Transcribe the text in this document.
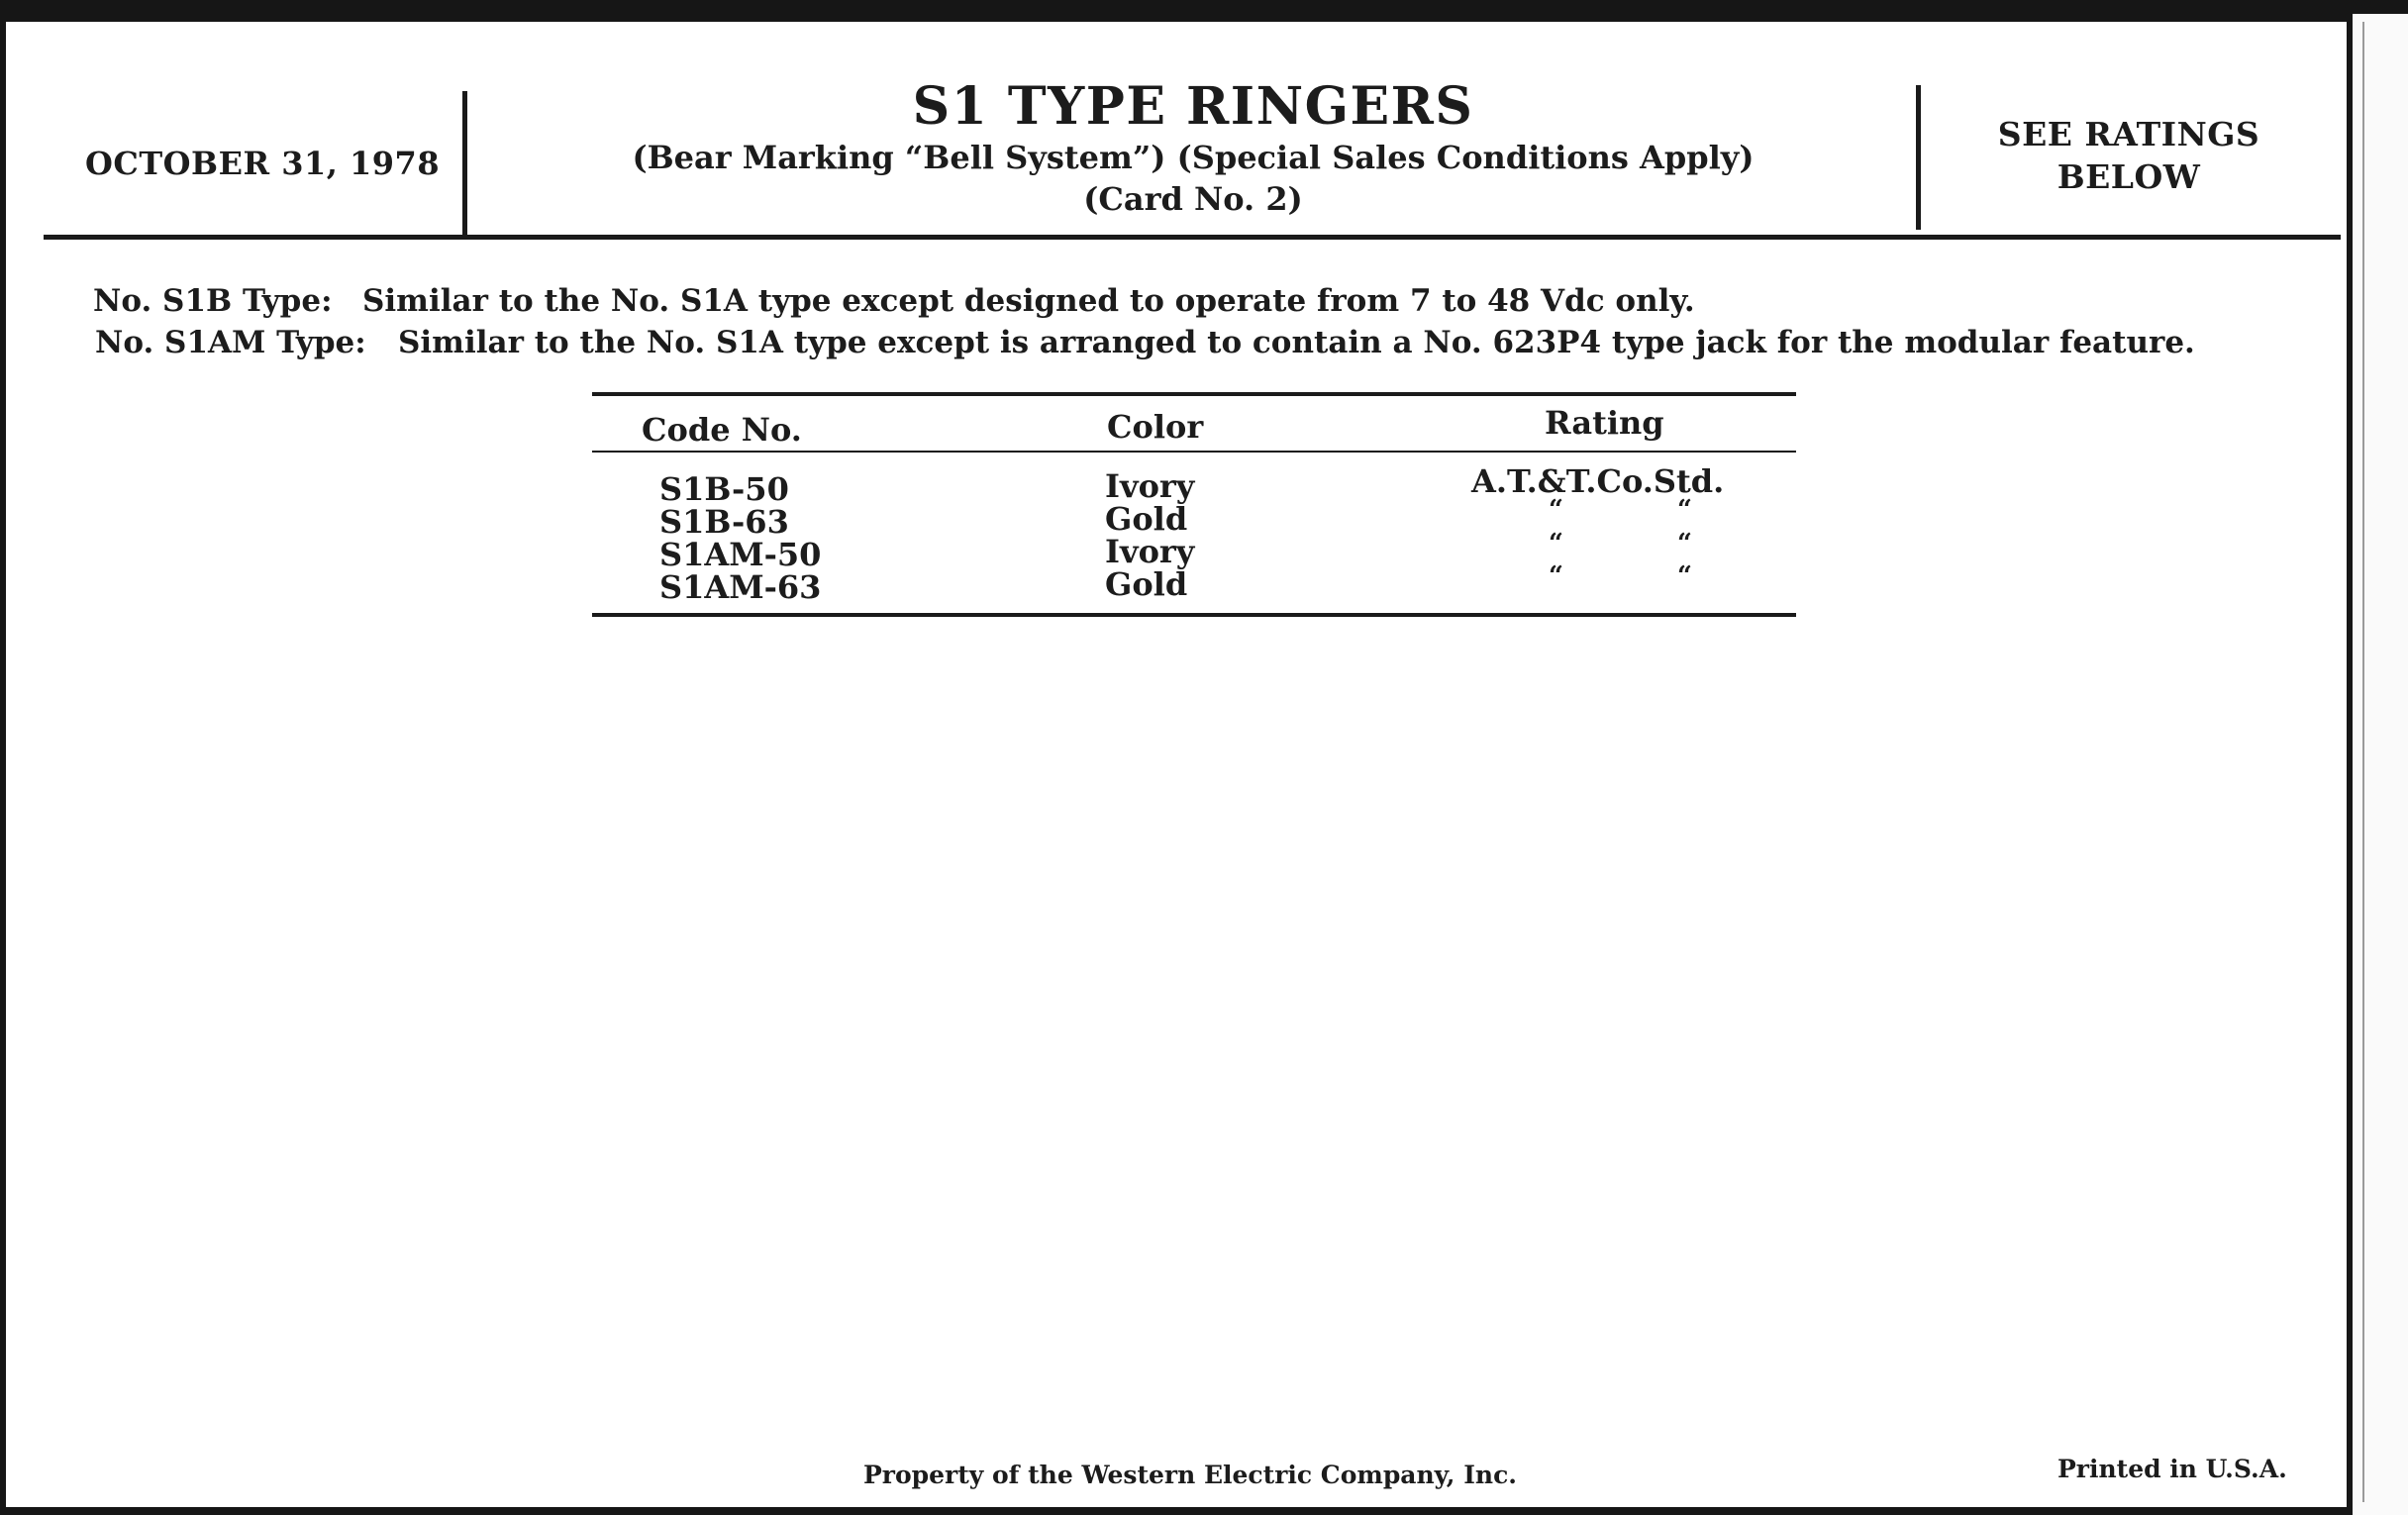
OCTOBER 31, 1978
S1 TYPE RINGERS
(Bear Marking “Bell System”) (Special Sales Conditions Apply)
(Card No. 2)
SEE RATINGS
BELOW
No. S1B Type: Similar to the No. S1A type except designed to operate from 7 to 48 Vdc only.
No. S1AM Type: Similar to the No. S1A type except is arranged to contain a No. 623P4 type jack for the modular feature.
Code No.	Color	Rating
S1B-50	Ivory	A.T.&T.Co.Std.
S1B-63	Gold	“	“
S1AM-50	Ivory	“	“
S1AM-63	Gold	“	“
Property of the Western Electric Company, Inc.	Printed in U.S.A.
